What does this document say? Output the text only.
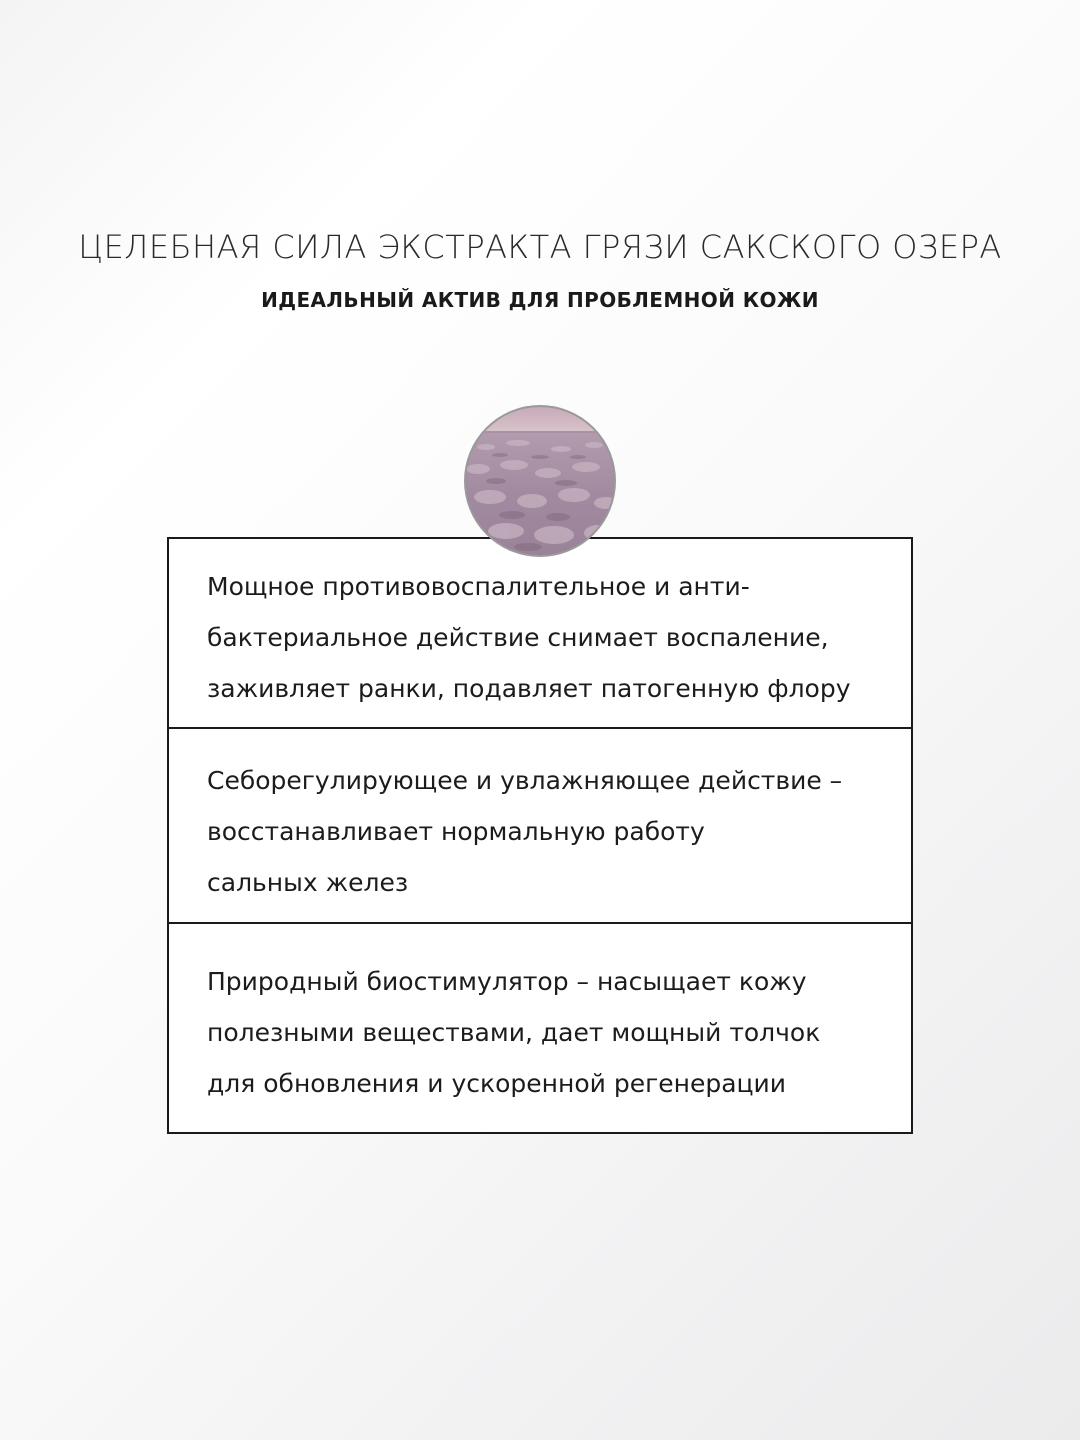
ЦЕЛЕБНАЯ СИЛА ЭКСТРАКТА ГРЯЗИ САКСКОГО ОЗЕРА
ИДЕАЛЬНЫЙ АКТИВ ДЛЯ ПРОБЛЕМНОЙ КОЖИ
Мощное противовоспалительное и анти-
бактериальное действие снимает воспаление,
заживляет ранки, подавляет патогенную флору
Себорегулирующее и увлажняющее действие –
восстанавливает нормальную работу
сальных желез
Природный биостимулятор – насыщает кожу
полезными веществами, дает мощный толчок
для обновления и ускоренной регенерации
